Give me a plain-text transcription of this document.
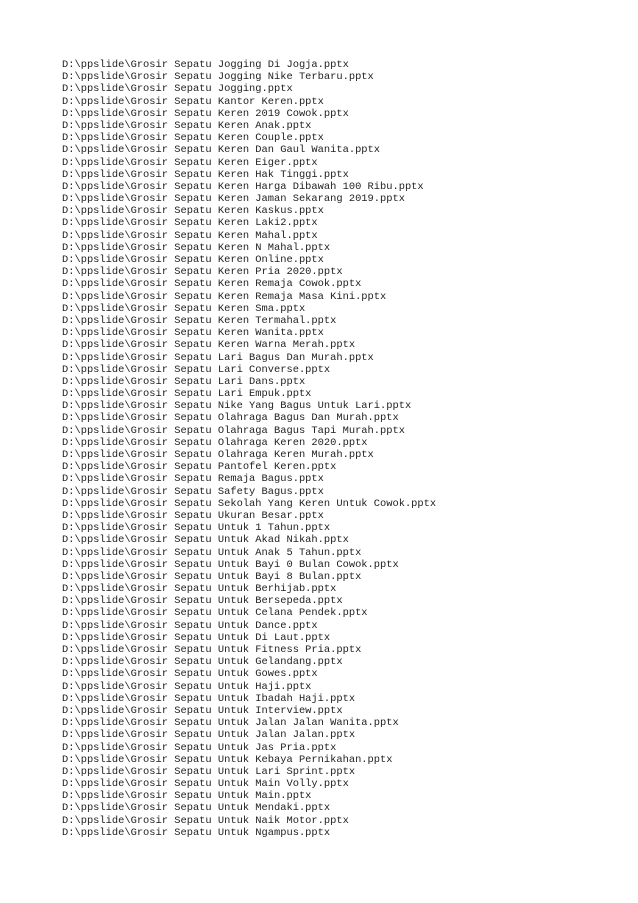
D:\ppslide\Grosir Sepatu Jogging Di Jogja.pptx
D:\ppslide\Grosir Sepatu Jogging Nike Terbaru.pptx
D:\ppslide\Grosir Sepatu Jogging.pptx
D:\ppslide\Grosir Sepatu Kantor Keren.pptx
D:\ppslide\Grosir Sepatu Keren 2019 Cowok.pptx
D:\ppslide\Grosir Sepatu Keren Anak.pptx
D:\ppslide\Grosir Sepatu Keren Couple.pptx
D:\ppslide\Grosir Sepatu Keren Dan Gaul Wanita.pptx
D:\ppslide\Grosir Sepatu Keren Eiger.pptx
D:\ppslide\Grosir Sepatu Keren Hak Tinggi.pptx
D:\ppslide\Grosir Sepatu Keren Harga Dibawah 100 Ribu.pptx
D:\ppslide\Grosir Sepatu Keren Jaman Sekarang 2019.pptx
D:\ppslide\Grosir Sepatu Keren Kaskus.pptx
D:\ppslide\Grosir Sepatu Keren Laki2.pptx
D:\ppslide\Grosir Sepatu Keren Mahal.pptx
D:\ppslide\Grosir Sepatu Keren N Mahal.pptx
D:\ppslide\Grosir Sepatu Keren Online.pptx
D:\ppslide\Grosir Sepatu Keren Pria 2020.pptx
D:\ppslide\Grosir Sepatu Keren Remaja Cowok.pptx
D:\ppslide\Grosir Sepatu Keren Remaja Masa Kini.pptx
D:\ppslide\Grosir Sepatu Keren Sma.pptx
D:\ppslide\Grosir Sepatu Keren Termahal.pptx
D:\ppslide\Grosir Sepatu Keren Wanita.pptx
D:\ppslide\Grosir Sepatu Keren Warna Merah.pptx
D:\ppslide\Grosir Sepatu Lari Bagus Dan Murah.pptx
D:\ppslide\Grosir Sepatu Lari Converse.pptx
D:\ppslide\Grosir Sepatu Lari Dans.pptx
D:\ppslide\Grosir Sepatu Lari Empuk.pptx
D:\ppslide\Grosir Sepatu Nike Yang Bagus Untuk Lari.pptx
D:\ppslide\Grosir Sepatu Olahraga Bagus Dan Murah.pptx
D:\ppslide\Grosir Sepatu Olahraga Bagus Tapi Murah.pptx
D:\ppslide\Grosir Sepatu Olahraga Keren 2020.pptx
D:\ppslide\Grosir Sepatu Olahraga Keren Murah.pptx
D:\ppslide\Grosir Sepatu Pantofel Keren.pptx
D:\ppslide\Grosir Sepatu Remaja Bagus.pptx
D:\ppslide\Grosir Sepatu Safety Bagus.pptx
D:\ppslide\Grosir Sepatu Sekolah Yang Keren Untuk Cowok.pptx
D:\ppslide\Grosir Sepatu Ukuran Besar.pptx
D:\ppslide\Grosir Sepatu Untuk 1 Tahun.pptx
D:\ppslide\Grosir Sepatu Untuk Akad Nikah.pptx
D:\ppslide\Grosir Sepatu Untuk Anak 5 Tahun.pptx
D:\ppslide\Grosir Sepatu Untuk Bayi 0 Bulan Cowok.pptx
D:\ppslide\Grosir Sepatu Untuk Bayi 8 Bulan.pptx
D:\ppslide\Grosir Sepatu Untuk Berhijab.pptx
D:\ppslide\Grosir Sepatu Untuk Bersepeda.pptx
D:\ppslide\Grosir Sepatu Untuk Celana Pendek.pptx
D:\ppslide\Grosir Sepatu Untuk Dance.pptx
D:\ppslide\Grosir Sepatu Untuk Di Laut.pptx
D:\ppslide\Grosir Sepatu Untuk Fitness Pria.pptx
D:\ppslide\Grosir Sepatu Untuk Gelandang.pptx
D:\ppslide\Grosir Sepatu Untuk Gowes.pptx
D:\ppslide\Grosir Sepatu Untuk Haji.pptx
D:\ppslide\Grosir Sepatu Untuk Ibadah Haji.pptx
D:\ppslide\Grosir Sepatu Untuk Interview.pptx
D:\ppslide\Grosir Sepatu Untuk Jalan Jalan Wanita.pptx
D:\ppslide\Grosir Sepatu Untuk Jalan Jalan.pptx
D:\ppslide\Grosir Sepatu Untuk Jas Pria.pptx
D:\ppslide\Grosir Sepatu Untuk Kebaya Pernikahan.pptx
D:\ppslide\Grosir Sepatu Untuk Lari Sprint.pptx
D:\ppslide\Grosir Sepatu Untuk Main Volly.pptx
D:\ppslide\Grosir Sepatu Untuk Main.pptx
D:\ppslide\Grosir Sepatu Untuk Mendaki.pptx
D:\ppslide\Grosir Sepatu Untuk Naik Motor.pptx
D:\ppslide\Grosir Sepatu Untuk Ngampus.pptx
